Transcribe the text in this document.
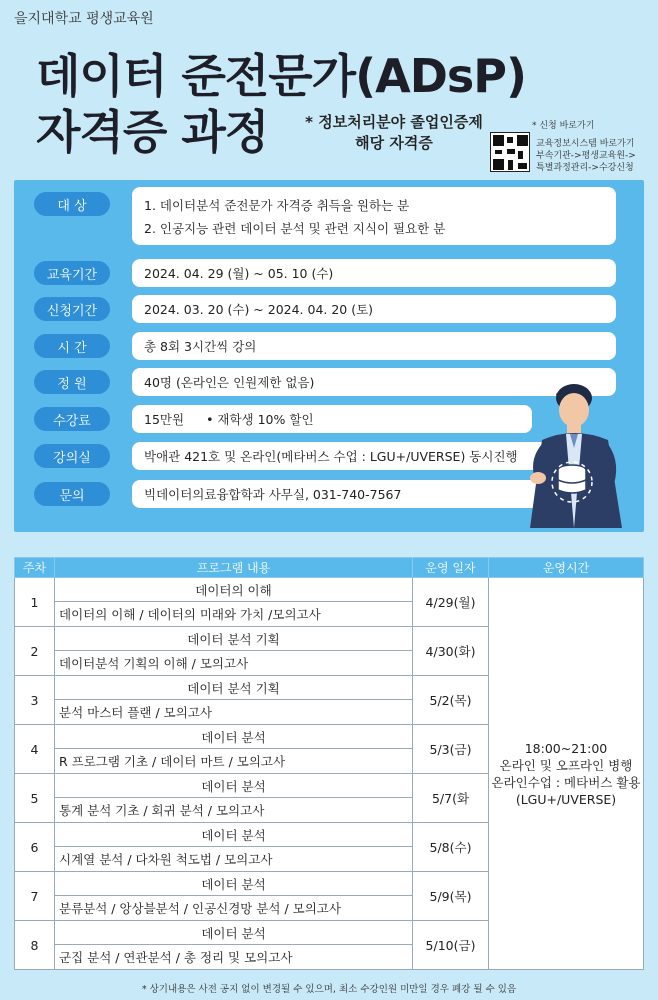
을지대학교 평생교육원
데이터 준전문가(ADsP)
자격증 과정	* 정보처리분야 졸업인증제
해당 자격증
* 신청 바로가기
교육정보시스템 바로가기
부속기관->평생교육원->
특별과정관리->수강신청
대 상	1. 데이터분석 준전문가 자격증 취득을 원하는 분
2. 인공지능 관련 데이터 분석 및 관련 지식이 필요한 분
교육기간	2024. 04. 29 (월) ~ 05. 10 (수)
신청기간	2024. 03. 20 (수) ~ 2024. 04. 20 (토)
시 간	총 8회 3시간씩 강의
정 원	40명 (온라인은 인원제한 없음)
수강료	15만원 • 재학생 10% 할인
강의실	박애관 421호 및 온라인(메타버스 수업 : LGU+/UVERSE) 동시진행
문의	빅데이터의료융합학과 사무실, 031-740-7567
주차	프로그램 내용	운영 일자	운영시간
1	데이터의 이해	4/29(월)	18:00~21:00
온라인 및 오프라인 병행
온라인수업 : 메타버스 활용
(LGU+/UVERSE)

	데이터의 이해 / 데이터의 미래와 가치 /모의고사		
2	데이터 분석 기획	4/30(화)	
	데이터분석 기획의 이해 / 모의고사		
3	데이터 분석 기획	5/2(목)	
	분석 마스터 플랜 / 모의고사		
4	데이터 분석	5/3(금)	
	R 프로그램 기초 / 데이터 마트 / 모의고사		
5	데이터 분석	5/7(화	
	통계 분석 기초 / 회귀 분석 / 모의고사		
6	데이터 분석	5/8(수)	
	시계열 분석 / 다차원 척도법 / 모의고사		
7	데이터 분석	5/9(목)	
	분류분석 / 앙상블분석 / 인공신경망 분석 / 모의고사		
8	데이터 분석	5/10(금)	
	군집 분석 / 연관분석 / 총 정리 및 모의고사		
* 상기내용은 사전 공지 없이 변경될 수 있으며, 최소 수강인원 미만일 경우 폐강 될 수 있음
